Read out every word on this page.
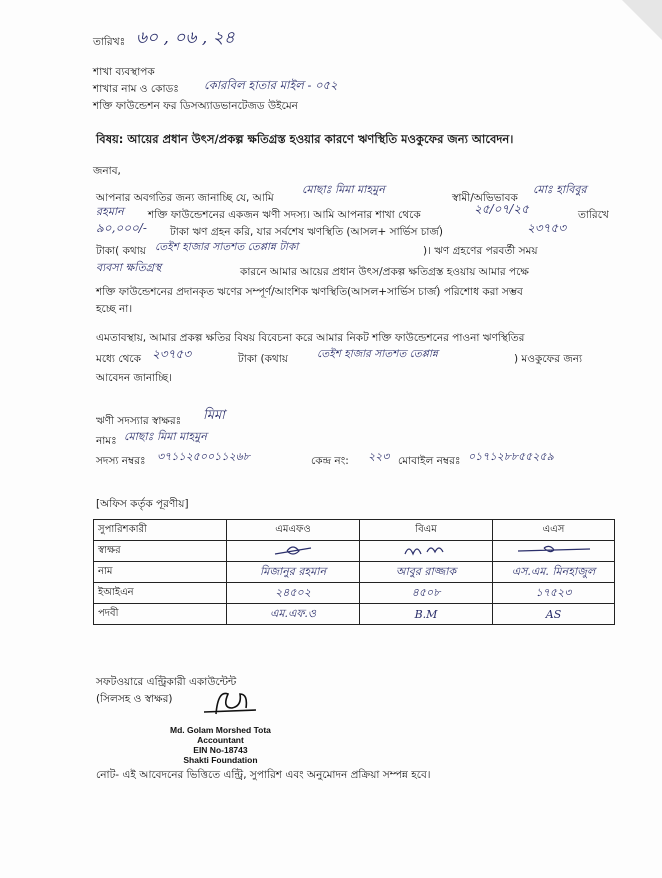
তারিখঃ ৬০ , ০৬ , ২৪
শাখা ব্যবস্থাপক
শাখার নাম ও কোডঃ কোরবিল হাতার মাইল - ০৫২
শক্তি ফাউন্ডেশন ফর ডিসঅ্যাডভানটেজড উইমেন
বিষয়: আয়ের প্রধান উৎস/প্রকল্প ক্ষতিগ্রস্ত হওয়ার কারণে ঋণস্থিতি মওকুফের জন্য আবেদন।
জনাব,
আপনার অবগতির জন্য জানাচ্ছি যে, আমি
মোছাঃ মিমা মাহমুন
স্বামী/অভিভাবক
মোঃ হাবিবুর
রহমান শক্তি ফাউন্ডেশনের একজন ঋণী সদস্য। আমি আপনার শাখা থেকে	২৫/০৭/২৫	তারিখে
৯০,০০০/- টাকা ঋণ গ্রহন করি, যার সর্বশেষ ঋণস্থিতি (আসল+ সার্ভিস চার্জ)	২৩৭৫৩
টাকা( কথায় তেইশ হাজার সাতশত তেপ্পান্ন টাকা	)। ঋণ গ্রহণের পরবর্তী সময়
ব্যবসা ক্ষতিগ্রস্থ	কারনে আমার আয়ের প্রধান উৎস/প্রকল্প ক্ষতিগ্রস্ত হওয়ায় আমার পক্ষে
শক্তি ফাউন্ডেশনের প্রদানকৃত ঋণের সম্পূর্ণ/আংশিক ঋণস্থিতি(আসল+সার্ভিস চার্জ) পরিশোধ করা সম্ভব
হচ্ছে না।
এমতাবস্থায়, আমার প্রকল্প ক্ষতির বিষয় বিবেচনা করে আমার নিকট শক্তি ফাউন্ডেশনের পাওনা ঋণস্থিতির
মধ্যে থেকে ২৩৭৫৩	টাকা (কথায়	তেইশ হাজার সাতশত তেপ্পান্ন	) মওকুফের জন্য
আবেদন জানাচ্ছি।
ঋণী সদস্যার স্বাক্ষরঃ মিমা
নামঃ মোছাঃ মিমা মাহমুন
সদস্য নম্বরঃ ৩৭১১২৫০০১১২৬৮	কেন্দ্র নং: ২২৩ মোবাইল নম্বরঃ ০১৭১২৮৮৫৫২৫৯
[অফিস কর্তৃক পূরণীয়]
সুপারিশকারী	এমএফও	বিএম	এএস
স্বাক্ষর			
নাম	মিজানুর রহমান	আবুর রাজ্জাক	এস.এম. মিনহাজুল
ইআইএন	২৪৫০২	৪৫০৮	১৭৫২৩
পদবী	এম.এফ.ও	B.M	AS
সফটওয়ারে এন্ট্রিকারী একাউন্টেন্ট
(সিলসহ ও স্বাক্ষর)
Md. Golam Morshed Tota
Accountant
EIN No-18743
Shakti Foundation
নোট- এই আবেদনের ভিত্তিতে এন্ট্রি, সুপারিশ এবং অনুমোদন প্রক্রিয়া সম্পন্ন হবে।
